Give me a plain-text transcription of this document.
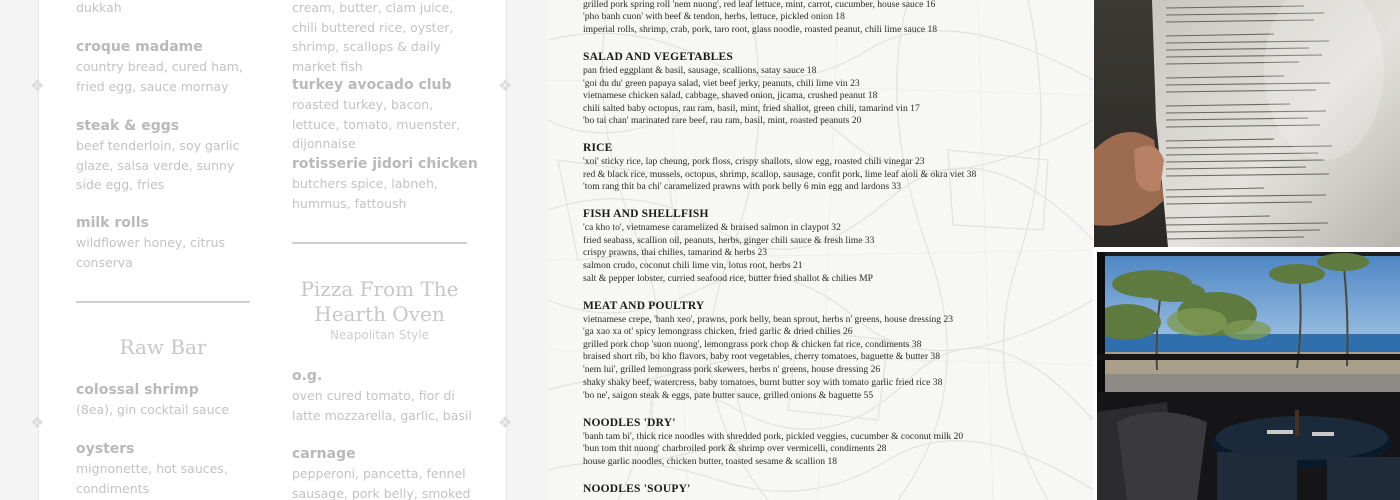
❖
❖
❖
❖
dukkah
croque madame
country bread, cured ham, fried egg, sauce mornay
steak & eggs
beef tenderloin, soy garlic glaze, salsa verde, sunny side egg, fries
milk rolls
wildflower honey, citrus conserva
Raw Bar
colossal shrimp
(8ea), gin cocktail sauce
oysters
mignonette, hot sauces, condiments
cream, butter, clam juice, chili buttered rice, oyster, shrimp, scallops & daily market fish
turkey avocado club
roasted turkey, bacon, lettuce, tomato, muenster, dijonnaise
rotisserie jidori chicken
butchers spice, labneh, hummus, fattoush
Pizza From The
Hearth Oven
Neapolitan Style
o.g.
oven cured tomato, fior di latte mozzarella, garlic, basil
carnage
pepperoni, pancetta, fennel sausage, pork belly, smoked
grilled pork spring roll 'nem nuong', red leaf lettuce, mint, carrot, cucumber, house sauce 16
'pho banh cuon' with beef & tendon, herbs, lettuce, pickled onion 18
imperial rolls, shrimp, crab, pork, taro root, glass noodle, roasted peanut, chili lime sauce 18
SALAD AND VEGETABLES
pan fried eggplant & basil, sausage, scallions, satay sauce 18
'goi du du' green papaya salad, viet beef jerky, peanuts, chili lime vin 23
vietnamese chicken salad, cabbage, shaved onion, jicama, crushed peanut 18
chili salted baby octopus, rau ram, basil, mint, fried shallot, green chili, tamarind vin 17
'bo tai chan' marinated rare beef, rau ram, basil, mint, roasted peanuts 20
RICE
'xoi' sticky rice, lap cheung, pork floss, crispy shallots, slow egg, roasted chili vinegar 23
red & black rice, mussels, octopus, shrimp, scallop, sausage, confit pork, lime leaf aioli & okra viet 38
'tom rang thit ba chi' caramelized prawns with pork belly 6 min egg and lardons 33
FISH AND SHELLFISH
'ca kho to', vietnamese caramelized & braised salmon in claypot 32
fried seabass, scallion oil, peanuts, herbs, ginger chili sauce & fresh lime 33
crispy prawns, thai chilies, tamarind & herbs 23
salmon crudo, coconut chili lime vin, lotus root, herbs 21
salt & pepper lobster, curried seafood rice, butter fried shallot & chilies MP
MEAT AND POULTRY
vietnamese crepe, 'banh xeo', prawns, pork belly, bean sprout, herbs n' greens, house dressing 23
'ga xao xa ot' spicy lemongrass chicken, fried garlic & dried chilies 26
grilled pork chop 'suon nuong', lemongrass pork chop & chicken fat rice, condiments 38
braised short rib, bo kho flavors, baby root vegetables, cherry tomatoes, baguette & butter 38
'nem lui', grilled lemongrass pork skewers, herbs n' greens, house dressing 26
shaky shaky beef, watercress, baby tomatoes, burnt butter soy with tomato garlic fried rice 38
'bo ne', saigon steak & eggs, pate butter sauce, grilled onions & baguette 55
NOODLES 'DRY'
'banh tam bi', thick rice noodles with shredded pork, pickled veggies, cucumber & coconut milk 20
'bun tom thit nuong' charbroiled pork & shrimp over vermicelli, condiments 28
house garlic noodles, chicken butter, toasted sesame & scallion 18
NOODLES 'SOUPY'
